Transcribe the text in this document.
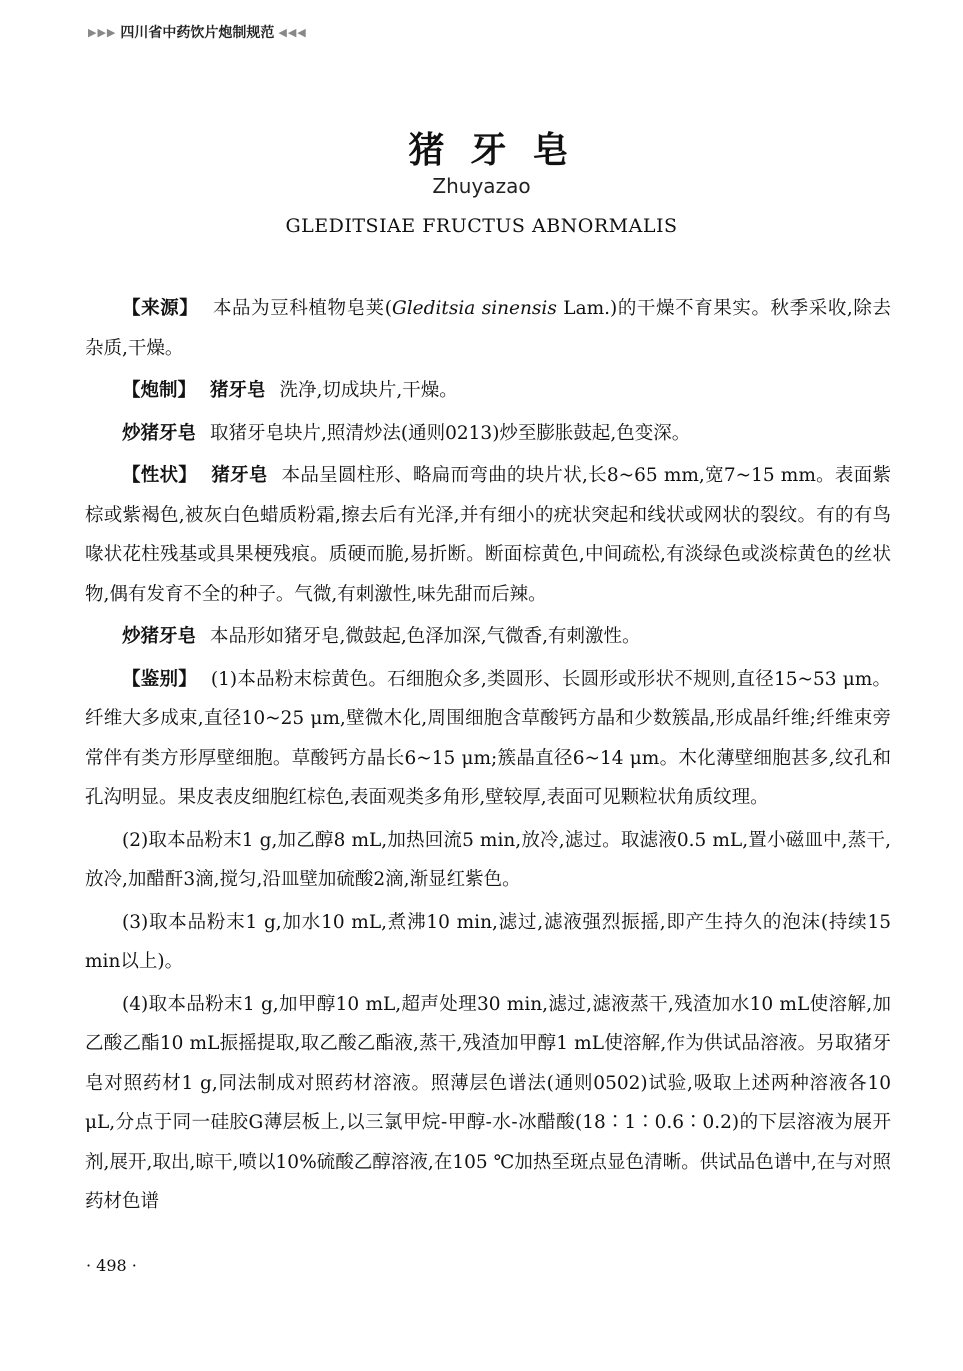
▶▶▶ 四川省中药饮片炮制规范 ◀◀◀
猪牙皂
Zhuyazao
GLEDITSIAE FRUCTUS ABNORMALIS

【来源】 本品为豆科植物皂荚(Gleditsia sinensis Lam.)的干燥不育果实。秋季采收,除去杂质,干燥。

【炮制】 猪牙皂 洗净,切成块片,干燥。

炒猪牙皂 取猪牙皂块片,照清炒法(通则0213)炒至膨胀鼓起,色变深。

【性状】 猪牙皂 本品呈圆柱形、略扁而弯曲的块片状,长8~65 mm,宽7~15 mm。表面紫棕或紫褐色,被灰白色蜡质粉霜,擦去后有光泽,并有细小的疣状突起和线状或网状的裂纹。有的有鸟喙状花柱残基或具果梗残痕。质硬而脆,易折断。断面棕黄色,中间疏松,有淡绿色或淡棕黄色的丝状物,偶有发育不全的种子。气微,有刺激性,味先甜而后辣。

炒猪牙皂 本品形如猪牙皂,微鼓起,色泽加深,气微香,有刺激性。

【鉴别】 (1)本品粉末棕黄色。石细胞众多,类圆形、长圆形或形状不规则,直径15~53 μm。纤维大多成束,直径10~25 μm,壁微木化,周围细胞含草酸钙方晶和少数簇晶,形成晶纤维;纤维束旁常伴有类方形厚壁细胞。草酸钙方晶长6~15 μm;簇晶直径6~14 μm。木化薄壁细胞甚多,纹孔和孔沟明显。果皮表皮细胞红棕色,表面观类多角形,壁较厚,表面可见颗粒状角质纹理。

(2)取本品粉末1 g,加乙醇8 mL,加热回流5 min,放冷,滤过。取滤液0.5 mL,置小磁皿中,蒸干,放冷,加醋酐3滴,搅匀,沿皿壁加硫酸2滴,渐显红紫色。

(3)取本品粉末1 g,加水10 mL,煮沸10 min,滤过,滤液强烈振摇,即产生持久的泡沫(持续15 min以上)。

(4)取本品粉末1 g,加甲醇10 mL,超声处理30 min,滤过,滤液蒸干,残渣加水10 mL使溶解,加乙酸乙酯10 mL振摇提取,取乙酸乙酯液,蒸干,残渣加甲醇1 mL使溶解,作为供试品溶液。另取猪牙皂对照药材1 g,同法制成对照药材溶液。照薄层色谱法(通则0502)试验,吸取上述两种溶液各10 μL,分点于同一硅胶G薄层板上,以三氯甲烷-甲醇-水-冰醋酸(18∶1∶0.6∶0.2)的下层溶液为展开剂,展开,取出,晾干,喷以10%硫酸乙醇溶液,在105 ℃加热至斑点显色清晰。供试品色谱中,在与对照药材色谱

· 498 ·
